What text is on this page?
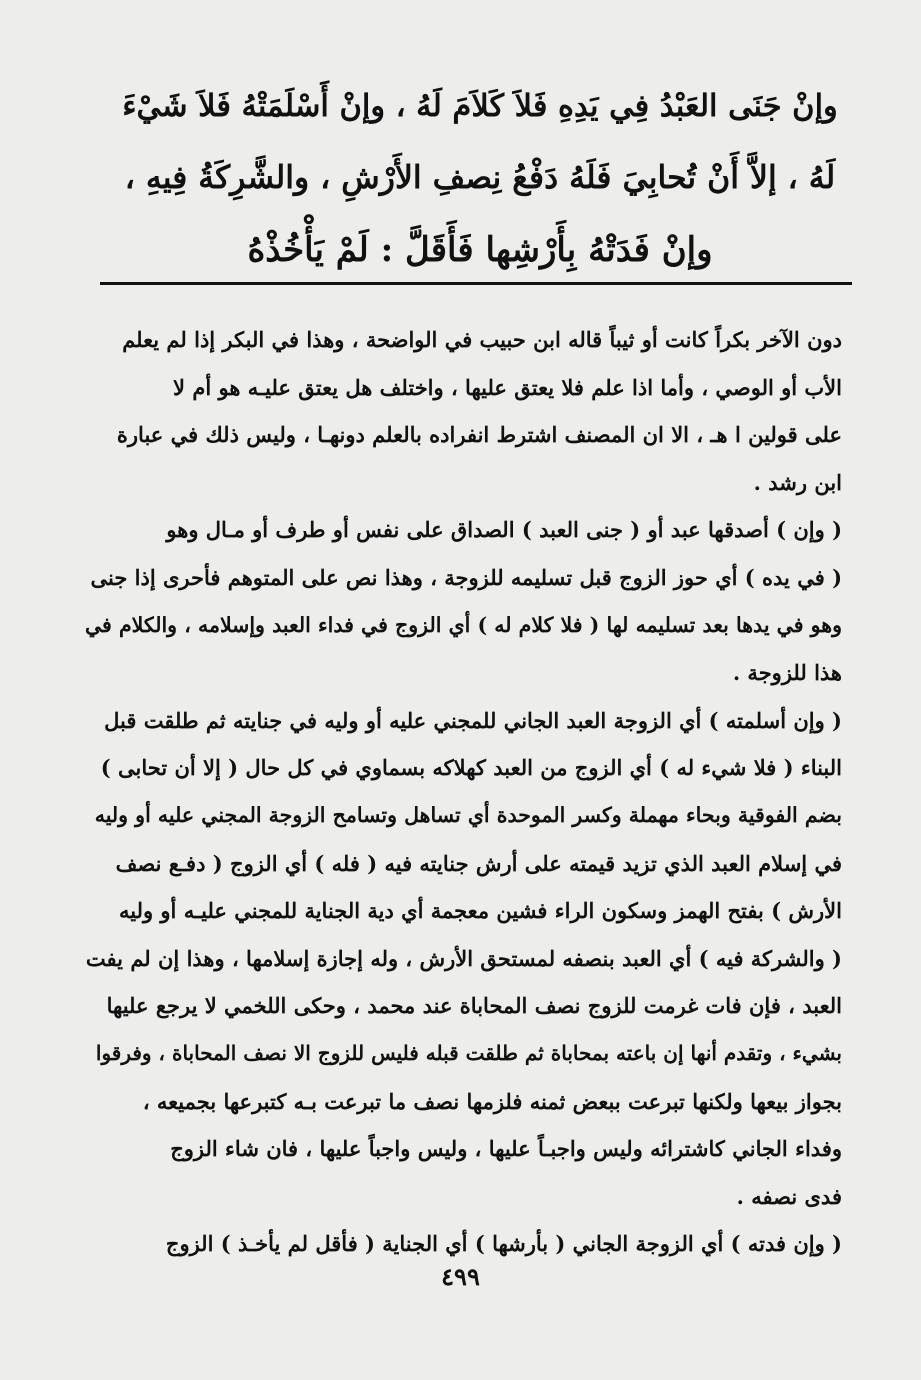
وإنْ جَنَى العَبْدُ فِي يَدِهِ فَلاَ كَلاَمَ لَهُ ، وإنْ أَسْلَمَتْهُ فَلاَ شَيْءَ
لَهُ ، إلاَّ أَنْ تُحابِيَ فَلَهُ دَفْعُ نِصفِ الأَرْشِ ، والشَّرِكَةُ فِيهِ ،
وإنْ فَدَتْهُ بِأَرْشِها فَأَقَلَّ : لَمْ يَأْخُذْهُ
دون الآخر بكراً كانت أو ثيباً قاله ابن حبيب في الواضحة ، وهذا في البكر إذا لم يعلم
الأب أو الوصي ، وأما اذا علم فلا يعتق عليها ، واختلف هل يعتق عليـه هو أم لا
على قولين ا هـ ، الا ان المصنف اشترط انفراده بالعلم دونهـا ، وليس ذلك في عبارة
ابن رشد .
( وإن ) أصدقها عبد أو ( جنى العبد ) الصداق على نفس أو طرف أو مـال وهو
( في يده ) أي حوز الزوج قبل تسليمه للزوجة ، وهذا نص على المتوهم فأحرى إذا جنى
وهو في يدها بعد تسليمه لها ( فلا كلام له ) أي الزوج في فداء العبد وإسلامه ، والكلام في
هذا للزوجة .
( وإن أسلمته ) أي الزوجة العبد الجاني للمجني عليه أو وليه في جنايته ثم طلقت قبل
البناء ( فلا شيء له ) أي الزوج من العبد كهلاكه بسماوي في كل حال ( إلا أن تحابى )
بضم الفوقية وبحاء مهملة وكسر الموحدة أي تساهل وتسامح الزوجة المجني عليه أو وليه
في إسلام العبد الذي تزيد قيمته على أرش جنايته فيه ( فله ) أي الزوج ( دفـع نصف
الأرش ) بفتح الهمز وسكون الراء فشين معجمة أي دية الجناية للمجني عليـه أو وليه
( والشركة فيه ) أي العبد بنصفه لمستحق الأرش ، وله إجازة إسلامها ، وهذا إن لم يفت
العبد ، فإن فات غرمت للزوج نصف المحاباة عند محمد ، وحكى اللخمي لا يرجع عليها
بشيء ، وتقدم أنها إن باعته بمحاباة ثم طلقت قبله فليس للزوج الا نصف المحاباة ، وفرقوا
بجواز بيعها ولكنها تبرعت ببعض ثمنه فلزمها نصف ما تبرعت بـه كتبرعها بجميعه ،
وفداء الجاني كاشترائه وليس واجبـاً عليها ، وليس واجباً عليها ، فان شاء الزوج
فدى نصفه .
( وإن فدته ) أي الزوجة الجاني ( بأرشها ) أي الجناية ( فأقل لم يأخـذ ) الزوج
٤٩٩
